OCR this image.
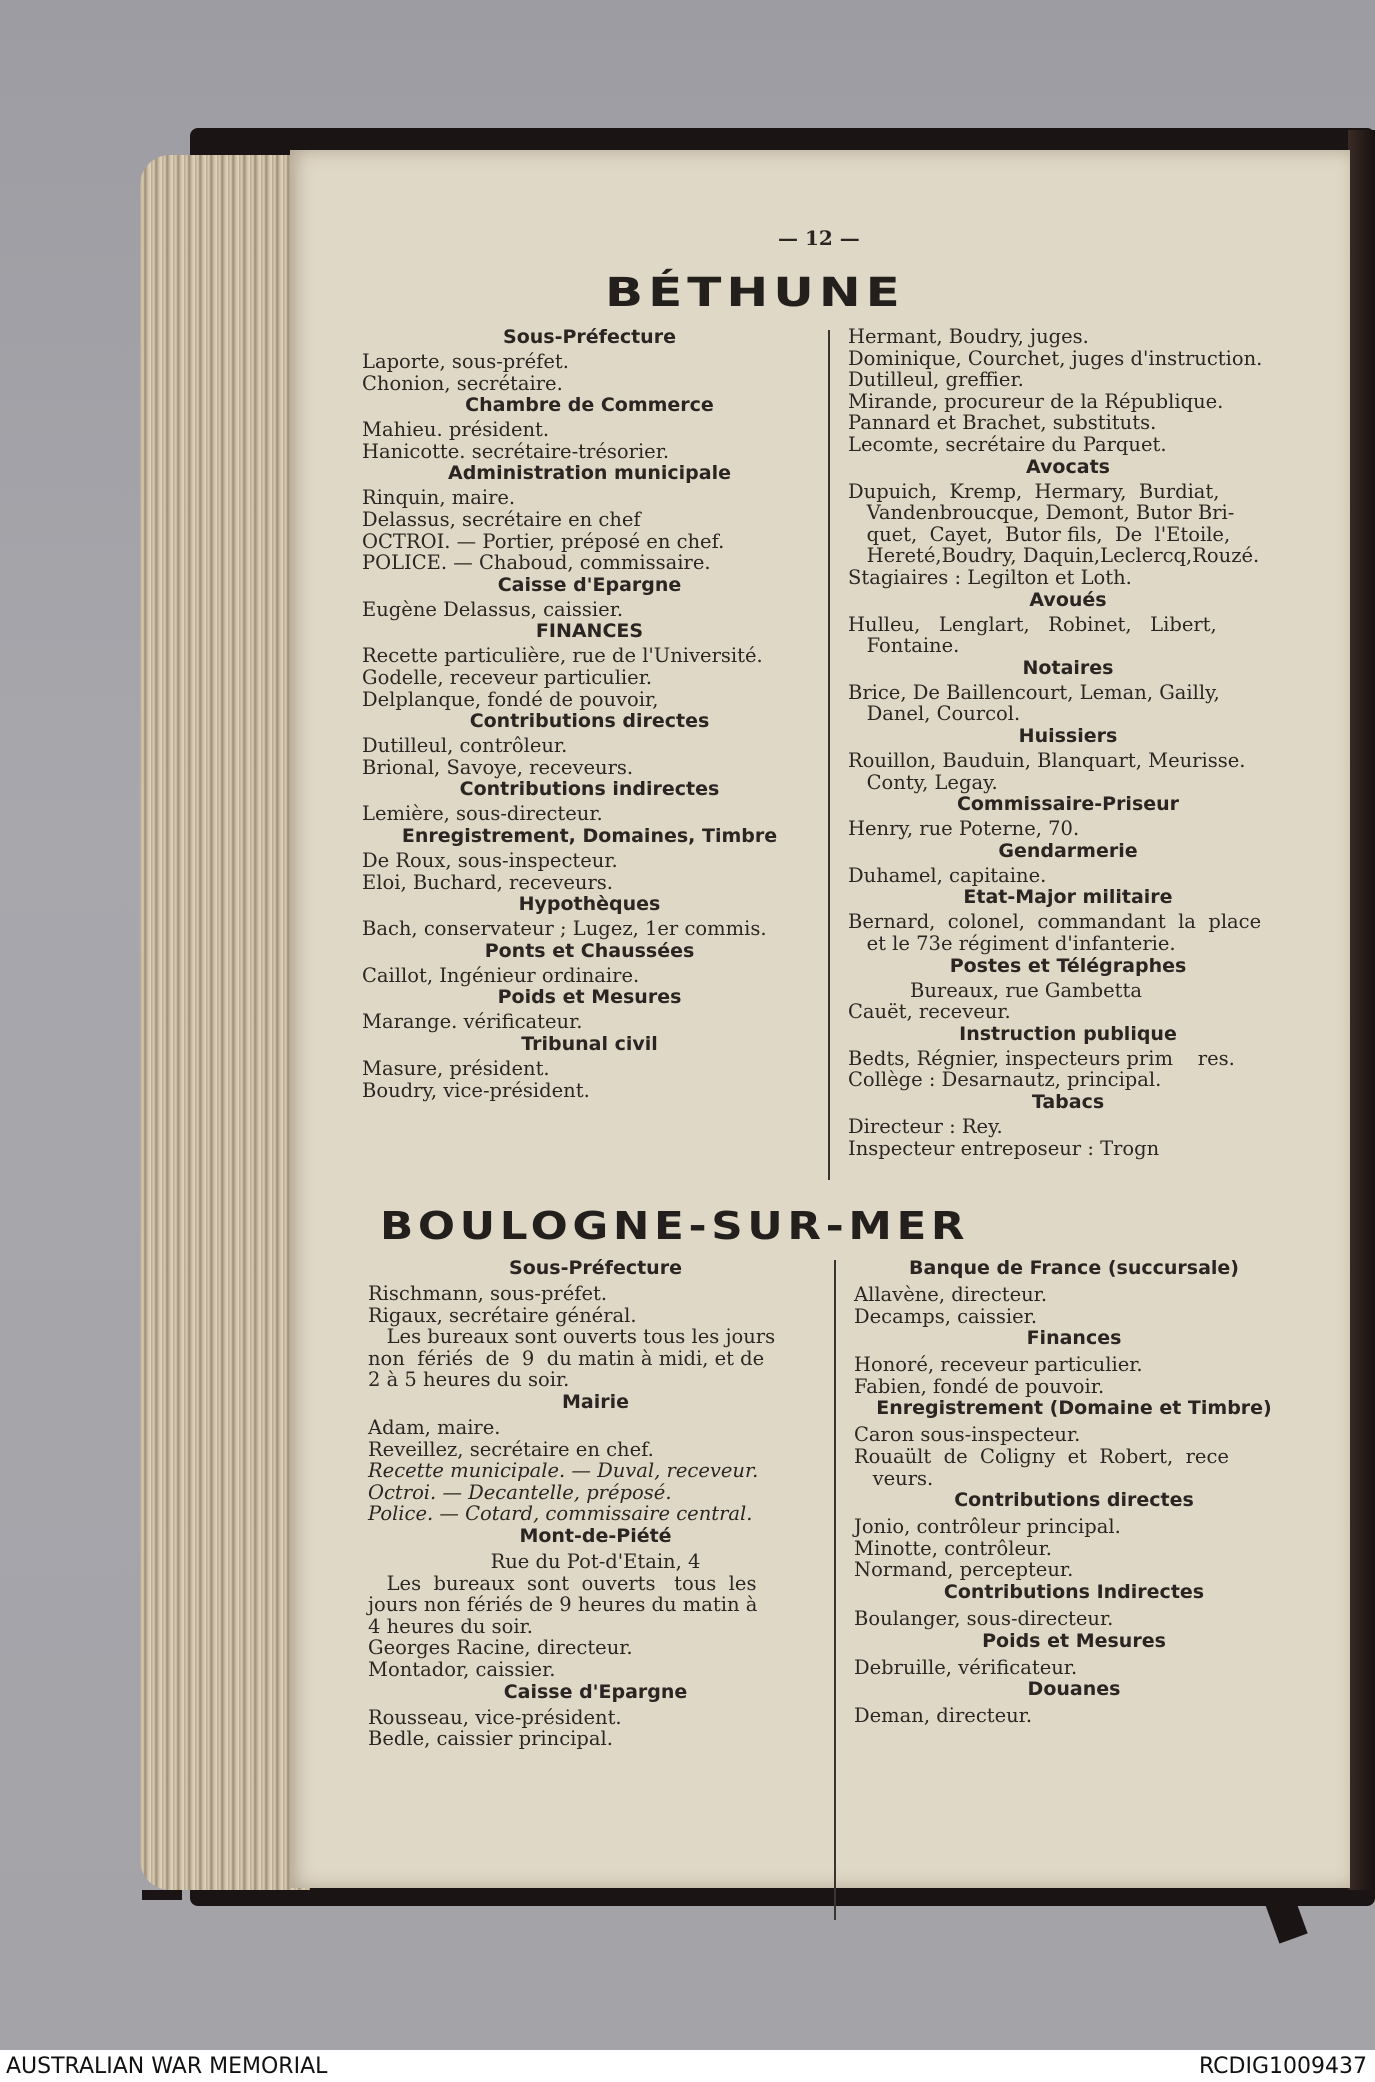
— 12 —
BÉTHUNE
BOULOGNE-SUR-MER
Sous-Préfecture
Laporte, sous-préfet.
Chonion, secrétaire.
Chambre de Commerce
Mahieu. président.
Hanicotte. secrétaire-trésorier.
Administration municipale
Rinquin, maire.
Delassus, secrétaire en chef
OCTROI. — Portier, préposé en chef.
POLICE. — Chaboud, commissaire.
Caisse d'Epargne
Eugène Delassus, caissier.
FINANCES
Recette particulière, rue de l'Université.
Godelle, receveur particulier.
Delplanque, fondé de pouvoir,
Contributions directes
Dutilleul, contrôleur.
Brional, Savoye, receveurs.
Contributions indirectes
Lemière, sous-directeur.
Enregistrement, Domaines, Timbre
De Roux, sous-inspecteur.
Eloi, Buchard, receveurs.
Hypothèques
Bach, conservateur ; Lugez, 1er commis.
Ponts et Chaussées
Caillot, Ingénieur ordinaire.
Poids et Mesures
Marange. vérificateur.
Tribunal civil
Masure, président.
Boudry, vice-président.
Hermant, Boudry, juges.
Dominique, Courchet, juges d'instruction.
Dutilleul, greffier.
Mirande, procureur de la République.
Pannard et Brachet, substituts.
Lecomte, secrétaire du Parquet.
Avocats
Dupuich,  Kremp,  Hermary,  Burdiat,
Vandenbroucque, Demont, Butor Bri-
quet,  Cayet,  Butor fils,  De  l'Etoile,
Hereté,Boudry, Daquin,Leclercq,Rouzé.
Stagiaires : Legilton et Loth.
Avoués
Hulleu,   Lenglart,   Robinet,   Libert,
Fontaine.
Notaires
Brice, De Baillencourt, Leman, Gailly,
Danel, Courcol.
Huissiers
Rouillon, Bauduin, Blanquart, Meurisse.
Conty, Legay.
Commissaire-Priseur
Henry, rue Poterne, 70.
Gendarmerie
Duhamel, capitaine.
Etat-Major militaire
Bernard,  colonel,  commandant  la  place
et le 73e régiment d'infanterie.
Postes et Télégraphes
Bureaux, rue Gambetta
Cauët, receveur.
Instruction publique
Bedts, Régnier, inspecteurs prim    res.
Collège : Desarnautz, principal.
Tabacs
Directeur : Rey.
Inspecteur entreposeur : Trogn
Sous-Préfecture
Rischmann, sous-préfet.
Rigaux, secrétaire général.
Les bureaux sont ouverts tous les jours
non  fériés  de  9  du matin à midi, et de
2 à 5 heures du soir.
Mairie
Adam, maire.
Reveillez, secrétaire en chef.
Recette municipale. — Duval, receveur.
Octroi. — Decantelle, préposé.
Police. — Cotard, commissaire central.
Mont-de-Piété
Rue du Pot-d'Etain, 4
Les  bureaux  sont  ouverts   tous  les
jours non fériés de 9 heures du matin à
4 heures du soir.
Georges Racine, directeur.
Montador, caissier.
Caisse d'Epargne
Rousseau, vice-président.
Bedle, caissier principal.
Banque de France (succursale)
Allavène, directeur.
Decamps, caissier.
Finances
Honoré, receveur particulier.
Fabien, fondé de pouvoir.
Enregistrement (Domaine et Timbre)
Caron sous-inspecteur.
Rouaült  de  Coligny  et  Robert,  rece
veurs.
Contributions directes
Jonio, contrôleur principal.
Minotte, contrôleur.
Normand, percepteur.
Contributions Indirectes
Boulanger, sous-directeur.
Poids et Mesures
Debruille, vérificateur.
Douanes
Deman, directeur.
AUSTRALIAN WAR MEMORIAL	RCDIG1009437
